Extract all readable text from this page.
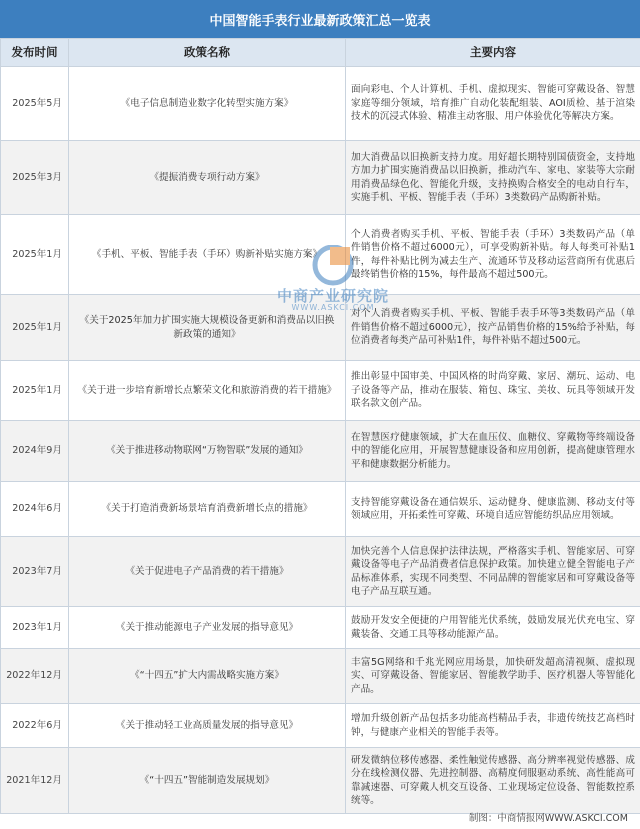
中国智能手表行业最新政策汇总一览表
发布时间	政策名称	主要内容
2025年5月	《电子信息制造业数字化转型实施方案》	面向彩电、个人计算机、手机、虚拟现实、智能可穿戴设备、智慧家庭等细分领域，培育推广自动化装配组装、AOI质检、基于渲染技术的沉浸式体验、精准主动客服、用户体验优化等解决方案。
2025年3月	《提振消费专项行动方案》	加大消费品以旧换新支持力度。用好超长期特别国债资金，支持地方加力扩围实施消费品以旧换新，推动汽车、家电、家装等大宗耐用消费品绿色化、智能化升级，支持换购合格安全的电动自行车，实施手机、平板、智能手表（手环）3类数码产品购新补贴。
2025年1月	《手机、平板、智能手表（手环）购新补贴实施方案》	个人消费者购买手机、平板、智能手表（手环）3类数码产品（单件销售价格不超过6000元），可享受购新补贴。每人每类可补贴1件，每件补贴比例为减去生产、流通环节及移动运营商所有优惠后最终销售价格的15%，每件最高不超过500元。
2025年1月	《关于2025年加力扩围实施大规模设备更新和消费品以旧换新政策的通知》	对个人消费者购买手机、平板、智能手表手环等3类数码产品（单件销售价格不超过6000元），按产品销售价格的15%给予补贴，每位消费者每类产品可补贴1件，每件补贴不超过500元。
2025年1月	《关于进一步培育新增长点繁荣文化和旅游消费的若干措施》	推出彰显中国审美、中国风格的时尚穿戴、家居、潮玩、运动、电子设备等产品，推动在服装、箱包、珠宝、美妆、玩具等领域开发联名款文创产品。
2024年9月	《关于推进移动物联网“万物智联”发展的通知》	在智慧医疗健康领域，扩大在血压仪、血糖仪、穿戴物等终端设备中的智能化应用，开展智慧健康设备和应用创新，提高健康管理水平和健康数据分析能力。
2024年6月	《关于打造消费新场景培育消费新增长点的措施》	支持智能穿戴设备在通信娱乐、运动健身、健康监测、移动支付等领域应用，开拓柔性可穿戴、环境自适应智能纺织品应用领域。
2023年7月	《关于促进电子产品消费的若干措施》	加快完善个人信息保护法律法规，严格落实手机、智能家居、可穿戴设备等电子产品消费者信息保护政策。加快建立健全智能电子产品标准体系，实现不同类型、不同品牌的智能家居和可穿戴设备等电子产品互联互通。
2023年1月	《关于推动能源电子产业发展的指导意见》	鼓励开发安全便捷的户用智能光伏系统，鼓励发展光伏充电宝、穿戴装备、交通工具等移动能源产品。
2022年12月	《“十四五”扩大内需战略实施方案》	丰富5G网络和千兆光网应用场景，加快研发超高清视频、虚拟现实、可穿戴设备、智能家居、智能教学助手、医疗机器人等智能化产品。
2022年6月	《关于推动轻工业高质量发展的指导意见》	增加升级创新产品包括多功能高档精品手表，非遗传统技艺高档时钟，与健康产业相关的智能手表等。
2021年12月	《“十四五”智能制造发展规划》	研发微纳位移传感器、柔性触觉传感器、高分辨率视觉传感器、成分在线检测仪器、先进控制器、高精度伺服驱动系统、高性能高可靠减速器、可穿戴人机交互设备、工业现场定位设备、智能数控系统等。
中商产业研究院
WWW.ASKCI.COM
制图：中商情报网WWW.ASKCI.COM
